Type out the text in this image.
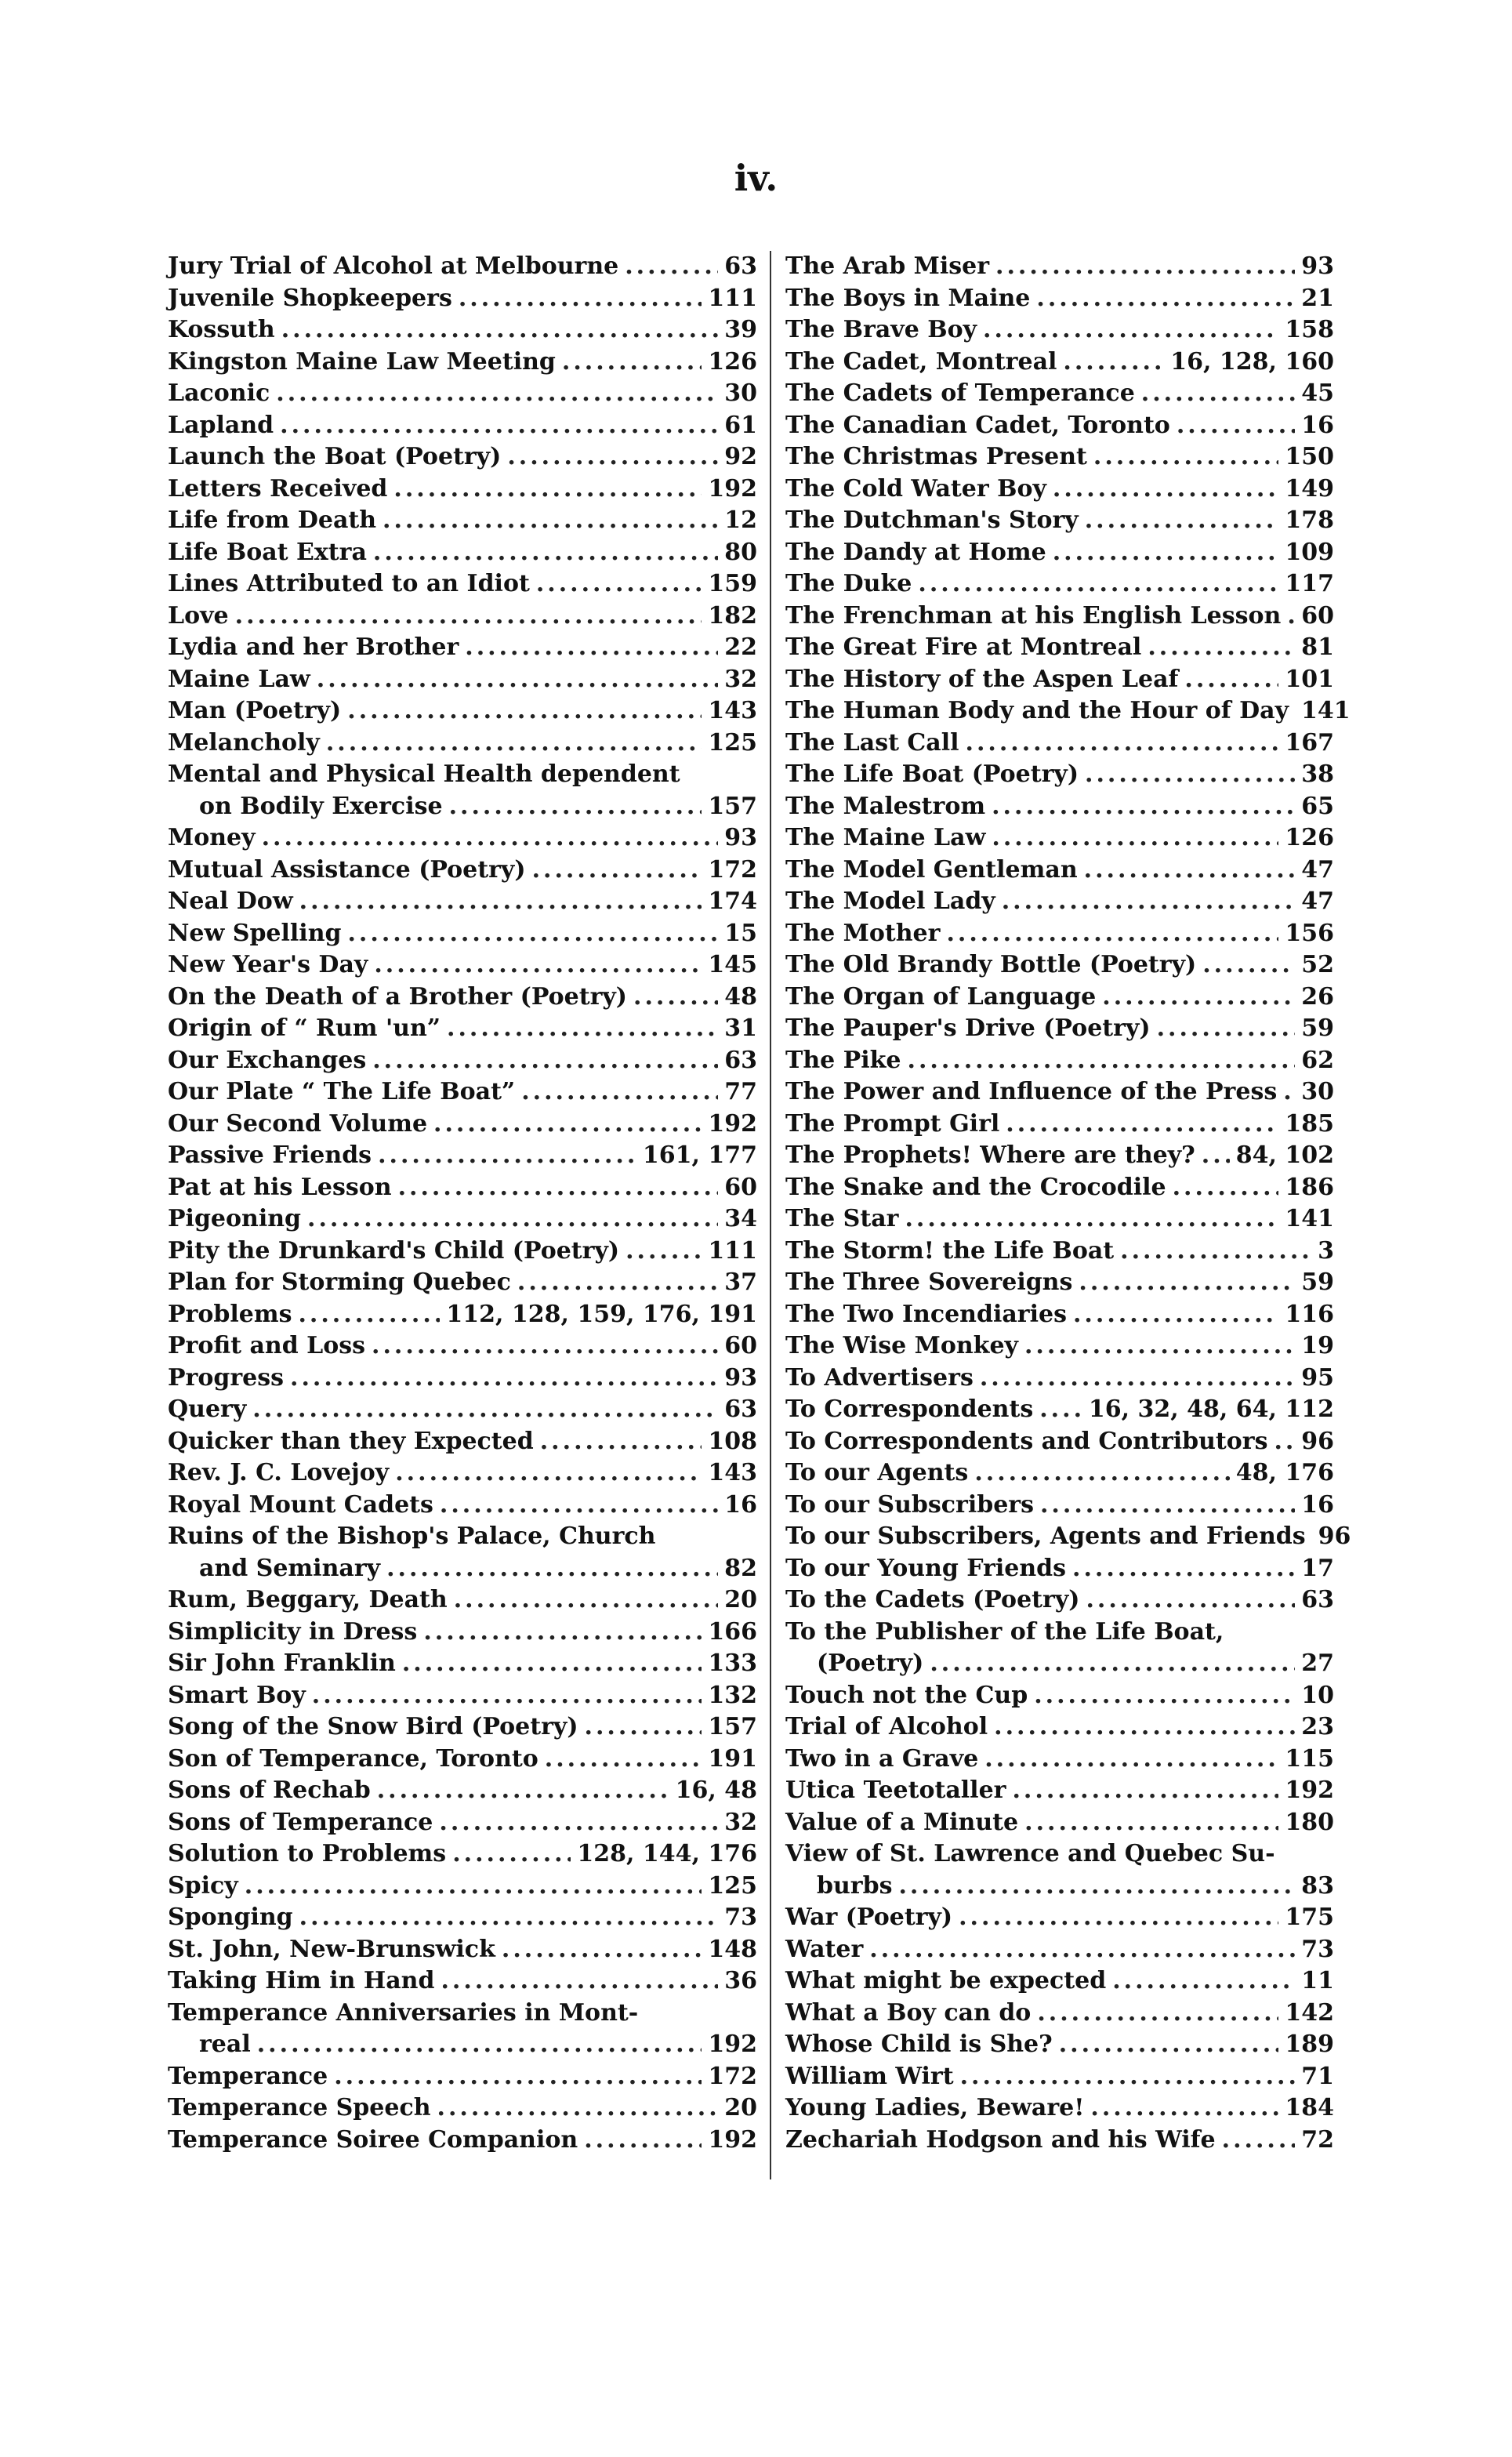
iv.
Jury Trial of Alcohol at Melbourne .....	63
Juvenile Shopkeepers .....	111
Kossuth .....	39
Kingston Maine Law Meeting .....	126
Laconic .....	30
Lapland .....	61
Launch the Boat (Poetry) .....	92
Letters Received .....	192
Life from Death .....	12
Life Boat Extra .....	80
Lines Attributed to an Idiot .....	159
Love .....	182
Lydia and her Brother .....	22
Maine Law .....	32
Man (Poetry) .....	143
Melancholy .....	125
Mental and Physical Health dependent
on Bodily Exercise .....	157
Money .....	93
Mutual Assistance (Poetry) .....	172
Neal Dow .....	174
New Spelling .....	15
New Year's Day .....	145
On the Death of a Brother (Poetry) .....	48
Origin of “ Rum 'un” .....	31
Our Exchanges .....	63
Our Plate “ The Life Boat” .....	77
Our Second Volume .....	192
Passive Friends .....	161, 177
Pat at his Lesson .....	60
Pigeoning .....	34
Pity the Drunkard's Child (Poetry) .....	111
Plan for Storming Quebec .....	37
Problems .....	112, 128, 159, 176, 191
Profit and Loss .....	60
Progress .....	93
Query .....	63
Quicker than they Expected .....	108
Rev. J. C. Lovejoy .....	143
Royal Mount Cadets .....	16
Ruins of the Bishop's Palace, Church
and Seminary .....	82
Rum, Beggary, Death .....	20
Simplicity in Dress .....	166
Sir John Franklin .....	133
Smart Boy .....	132
Song of the Snow Bird (Poetry) .....	157
Son of Temperance, Toronto .....	191
Sons of Rechab .....	16, 48
Sons of Temperance .....	32
Solution to Problems .....	128, 144, 176
Spicy .....	125
Sponging .....	73
St. John, New-Brunswick .....	148
Taking Him in Hand .....	36
Temperance Anniversaries in Mont-
real .....	192
Temperance .....	172
Temperance Speech .....	20
Temperance Soiree Companion .....	192
The Arab Miser .....	93
The Boys in Maine .....	21
The Brave Boy .....	158
The Cadet, Montreal .....	16, 128, 160
The Cadets of Temperance .....	45
The Canadian Cadet, Toronto .....	16
The Christmas Present .....	150
The Cold Water Boy .....	149
The Dutchman's Story .....	178
The Dandy at Home .....	109
The Duke .....	117
The Frenchman at his English Lesson ..... 60
The Great Fire at Montreal .....	81
The History of the Aspen Leaf .....	101
The Human Body and the Hour of Day 141
The Last Call .....	167
The Life Boat (Poetry) .....	38
The Malestrom .....	65
The Maine Law .....	126
The Model Gentleman .....	47
The Model Lady .....	47
The Mother .....	156
The Old Brandy Bottle (Poetry) .....	52
The Organ of Language .....	26
The Pauper's Drive (Poetry) .....	59
The Pike .....	62
The Power and Influence of the Press ..... 30
The Prompt Girl .....	185
The Prophets! Where are they? ..... 84, 102
The Snake and the Crocodile .....	186
The Star .....	141
The Storm! the Life Boat .....	3
The Three Sovereigns .....	59
The Two Incendiaries .....	116
The Wise Monkey .....	19
To Advertisers .....	95
To Correspondents ..... 16, 32, 48, 64, 112
To Correspondents and Contributors ..... 96
To our Agents .....	48, 176
To our Subscribers .....	16
To our Subscribers, Agents and Friends 96
To our Young Friends .....	17
To the Cadets (Poetry) .....	63
To the Publisher of the Life Boat,
(Poetry) .....	27
Touch not the Cup .....	10
Trial of Alcohol .....	23
Two in a Grave .....	115
Utica Teetotaller .....	192
Value of a Minute .....	180
View of St. Lawrence and Quebec Su-
burbs .....	83
War (Poetry) .....	175
Water .....	73
What might be expected .....	11
What a Boy can do .....	142
Whose Child is She? .....	189
William Wirt .....	71
Young Ladies, Beware! .....	184
Zechariah Hodgson and his Wife .....	72
